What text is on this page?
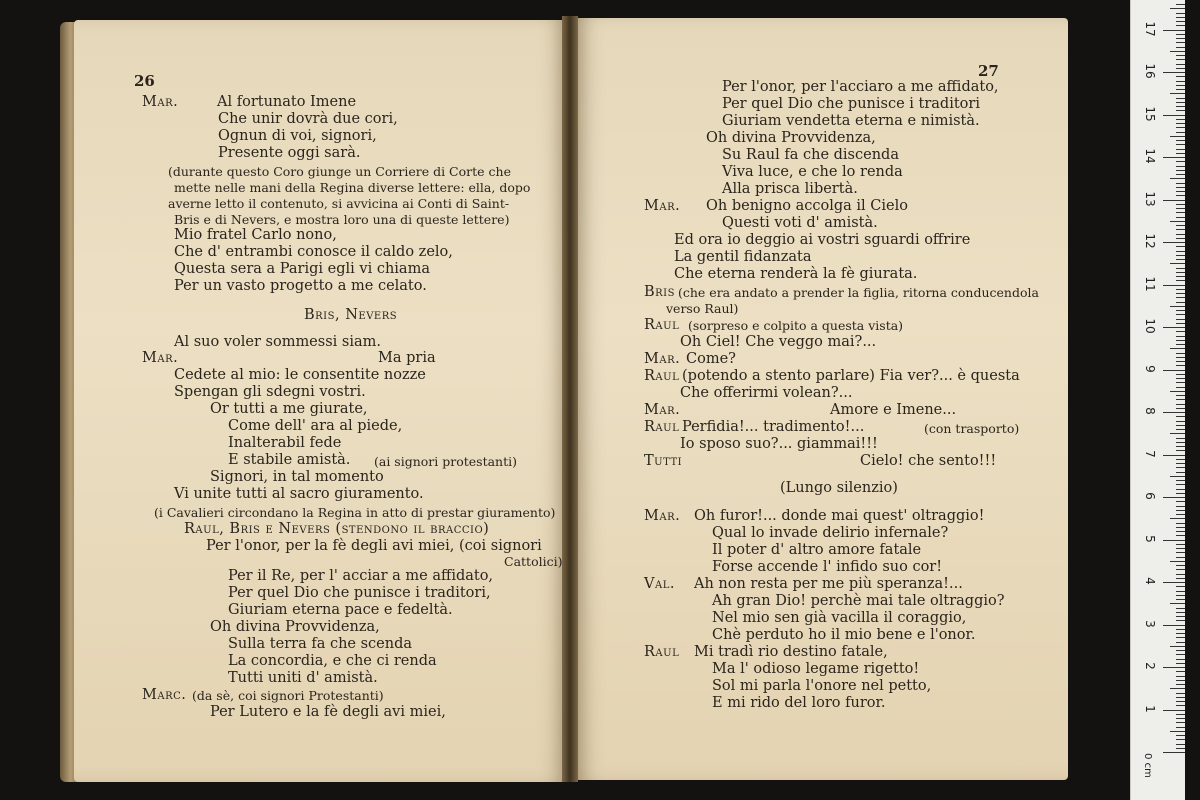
26
Mar.	Al fortunato Imene
Che unir dovrà due cori,
Ognun di voi, signori,
Presente oggi sarà.
(durante questo Coro giunge un Corriere di Corte che
mette nelle mani della Regina diverse lettere: ella, dopo
averne letto il contenuto, si avvicina ai Conti di Saint-
Bris e di Nevers, e mostra loro una di queste lettere)
Mio fratel Carlo nono,
Che d' entrambi conosce il caldo zelo,
Questa sera a Parigi egli vi chiama
Per un vasto progetto a me celato.
Bris, Nevers
Al suo voler sommessi siam.
Mar.	Ma pria
Cedete al mio: le consentite nozze
Spengan gli sdegni vostri.
Or tutti a me giurate,
Come dell' ara al piede,
Inalterabil fede
E stabile amistà. (ai signori protestanti)
Signori, in tal momento
Vi unite tutti al sacro giuramento.
(i Cavalieri circondano la Regina in atto di prestar giuramento)
Raul, Bris e Nevers (stendono il braccio)
Per l'onor, per la fè degli avi miei, (coi signori
Cattolici)
Per il Re, per l' acciar a me affidato,
Per quel Dio che punisce i traditori,
Giuriam eterna pace e fedeltà.
Oh divina Provvidenza,
Sulla terra fa che scenda
La concordia, e che ci renda
Tutti uniti d' amistà.
Marc. (da sè, coi signori Protestanti)
Per Lutero e la fè degli avi miei,
27
Per l'onor, per l'acciaro a me affidato,
Per quel Dio che punisce i traditori
Giuriam vendetta eterna e nimistà.
Oh divina Provvidenza,
Su Raul fa che discenda
Viva luce, e che lo renda
Alla prisca libertà.
Mar. Oh benigno accolga il Cielo
Questi voti d' amistà.
Ed ora io deggio ai vostri sguardi offrire
La gentil fidanzata
Che eterna renderà la fè giurata.
Bris (che era andato a prender la figlia, ritorna conducendola
verso Raul)
Raul (sorpreso e colpito a questa vista)
Oh Ciel! Che veggo mai?...
Mar. Come?
Raul (potendo a stento parlare) Fia ver?... è questa
Che offerirmi volean?...
Mar.	Amore e Imene...
Raul Perfidia!... tradimento!...	(con trasporto)
Io sposo suo?... giammai!!!
Tutti	Cielo! che sento!!!
(Lungo silenzio)
Mar. Oh furor!... donde mai quest' oltraggio!
Qual lo invade delirio infernale?
Il poter d' altro amore fatale
Forse accende l' infido suo cor!
Val. Ah non resta per me più speranza!...
Ah gran Dio! perchè mai tale oltraggio?
Nel mio sen già vacilla il coraggio,
Chè perduto ho il mio bene e l'onor.
Raul Mi tradì rio destino fatale,
Ma l' odioso legame rigetto!
Sol mi parla l'onore nel petto,
E mi rido del loro furor.
0 cm
1
2
3
4
5
6
7
8
9
10
11
12
13
14
15
16
17
